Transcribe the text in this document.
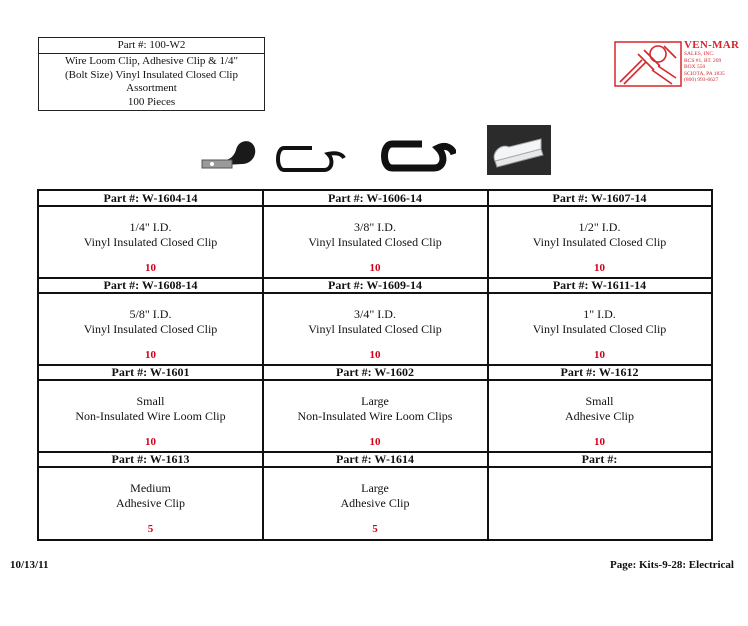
Part #: 100-W2
Wire Loom Clip, Adhesive Clip & 1/4"
(Bolt Size) Vinyl Insulated Closed Clip
Assortment
100 Pieces
VEN-MAR
SALES, INC.
RCS #1, RT. 209
BOX 550
SCIOTA, PA 1835
(800) 993-6627
Part #: W-1604-14
1/4" I.D.
Vinyl Insulated Closed Clip
10
Part #: W-1606-14
3/8" I.D.
Vinyl Insulated Closed Clip
10
Part #: W-1607-14
1/2" I.D.
Vinyl Insulated Closed Clip
10
Part #: W-1608-14
5/8" I.D.
Vinyl Insulated Closed Clip
10
Part #: W-1609-14
3/4" I.D.
Vinyl Insulated Closed Clip
10
Part #: W-1611-14
1" I.D.
Vinyl Insulated Closed Clip
10
Part #: W-1601
Small
Non-Insulated Wire Loom Clip
10
Part #: W-1602
Large
Non-Insulated Wire Loom Clips
10
Part #: W-1612
Small
Adhesive Clip
10
Part #: W-1613
Medium
Adhesive Clip
5
Part #: W-1614
Large
Adhesive Clip
5
Part #:
10/13/11	Page: Kits-9-28: Electrical
